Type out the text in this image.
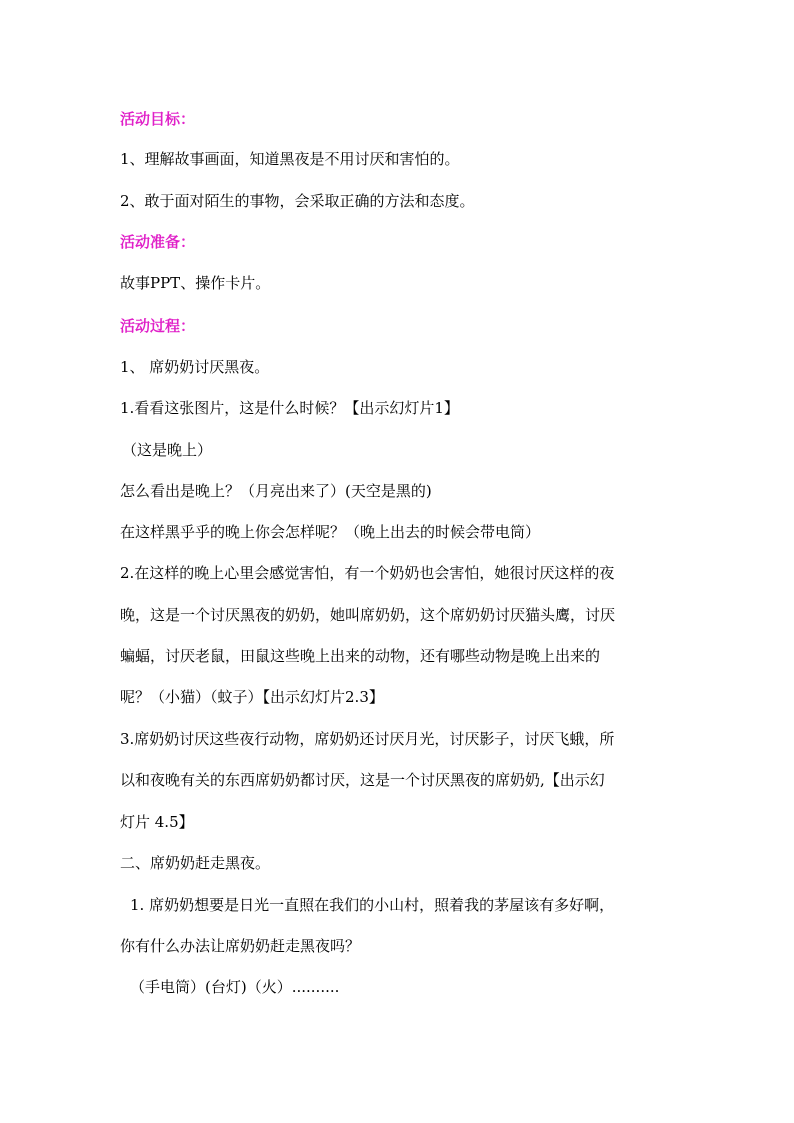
活动目标：
1、理解故事画面，知道黑夜是不用讨厌和害怕的。
2、敢于面对陌生的事物，会采取正确的方法和态度。
活动准备：
故事PPT、操作卡片。
活动过程：
1、 席奶奶讨厌黑夜。
1.看看这张图片，这是什么时候？【出示幻灯片1】
（这是晚上）
怎么看出是晚上？（月亮出来了）(天空是黑的)
在这样黑乎乎的晚上你会怎样呢？（晚上出去的时候会带电筒）
2.在这样的晚上心里会感觉害怕，有一个奶奶也会害怕，她很讨厌这样的夜
晚，这是一个讨厌黑夜的奶奶，她叫席奶奶，这个席奶奶讨厌猫头鹰，讨厌
蝙蝠，讨厌老鼠，田鼠这些晚上出来的动物，还有哪些动物是晚上出来的
呢？（小猫）（蚊子）【出示幻灯片2.3】
3.席奶奶讨厌这些夜行动物，席奶奶还讨厌月光，讨厌影子，讨厌飞蛾，所
以和夜晚有关的东西席奶奶都讨厌，这是一个讨厌黑夜的席奶奶,【出示幻
灯片 4.5】
二、席奶奶赶走黑夜。
1. 席奶奶想要是日光一直照在我们的小山村，照着我的茅屋该有多好啊，
你有什么办法让席奶奶赶走黑夜吗？
（手电筒）(台灯)（火）..........
